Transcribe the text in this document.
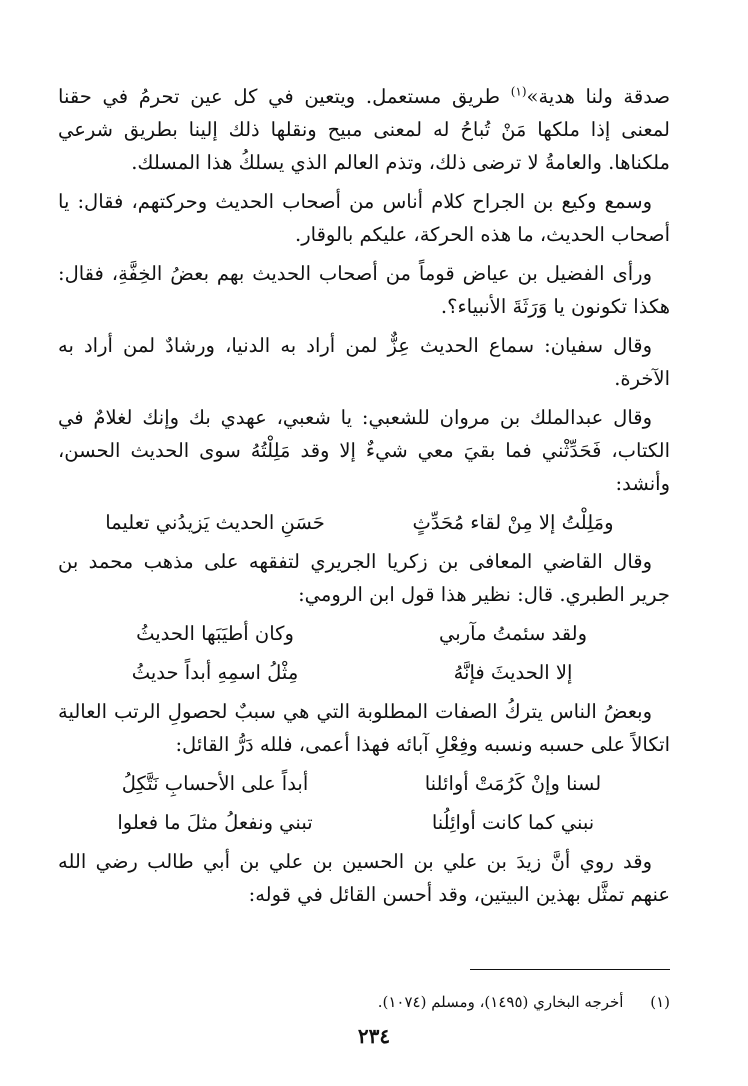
صدقة ولنا هدية»$^{(١)}$ طريق مستعمل. ويتعين في كل عين تحرمُ في حقنا لمعنى إذا ملكها مَنْ تُباحُ له لمعنى مبيح ونقلها ذلك إلينا بطريق شرعي ملكناها. والعامةُ لا ترضى ذلك، وتذم العالم الذي يسلكُ هذا المسلك.

وسمع وكيع بن الجراح كلام أناس من أصحاب الحديث وحركتهم، فقال: يا أصحاب الحديث، ما هذه الحركة، عليكم بالوقار.

ورأى الفضيل بن عياض قوماً من أصحاب الحديث بهم بعضُ الخِفَّةِ، فقال: هكذا تكونون يا وَرَثَةَ الأنبياء؟.

وقال سفيان: سماع الحديث عِزٌّ لمن أراد به الدنيا، ورشادٌ لمن أراد به الآخرة.

وقال عبدالملك بن مروان للشعبي: يا شعبي، عهدي بك وإنك لغلامٌ في الكتاب، فَحَدِّثْني فما بقيَ معي شيءٌ إلا وقد مَلِلْتُهُ سوى الحديث الحسن، وأنشد:

ومَلِلْتُ إلا مِنْ لقاء مُحَدِّثٍ
حَسَنِ الحديث يَزيدُني تعليما

وقال القاضي المعافى بن زكريا الجريري لتفقهه على مذهب محمد بن جرير الطبري. قال: نظير هذا قول ابن الرومي:

ولقد سئمتُ مآربي
وكان أطيَبَها الحديثُ
إلا الحديثَ فإنَّهُ
مِثْلُ اسمِهِ أبداً حديثُ

وبعضُ الناس يتركُ الصفات المطلوبة التي هي سببٌ لحصولِ الرتب العالية اتكالاً على حسبه ونسبه وفِعْلِ آبائه فهذا أعمى، فلله دَرُّ القائل:

لسنا وإنْ كَرُمَتْ أوائلنا
أبداً على الأحسابِ نَتَّكِلُ
نبني كما كانت أوائِلُنا
تبني ونفعلُ مثلَ ما فعلوا

وقد روي أنَّ زيدَ بن علي بن الحسين بن علي بن أبي طالب رضي الله عنهم تمثَّل بهذين البيتين، وقد أحسن القائل في قوله:

(١) أخرجه البخاري (١٤٩٥)، ومسلم (١٠٧٤).
٢٣٤
